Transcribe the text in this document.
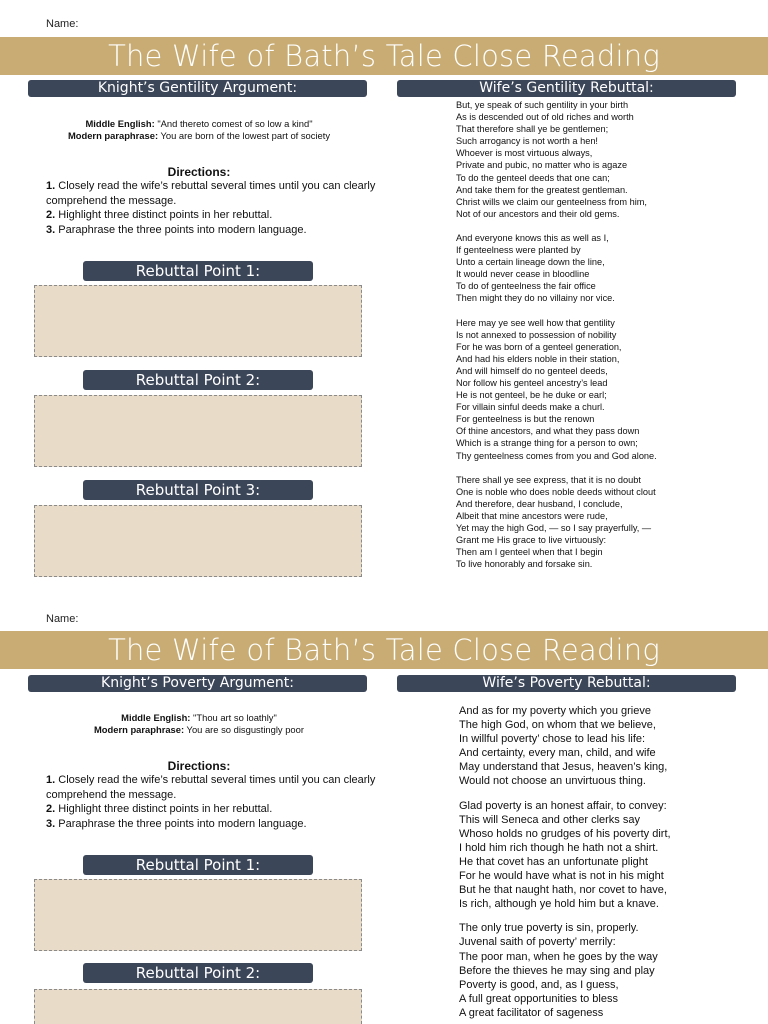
Name:
The Wife of Bath’s Tale Close Reading
Knight’s Gentility Argument:	Wife’s Gentility Rebuttal:
Middle English: "And thereto comest of so low a kind"
Modern paraphrase: You are born of the lowest part of society
Directions:
1. Closely read the wife’s rebuttal several times until you can clearly comprehend the message.
2. Highlight three distinct points in her rebuttal.
3. Paraphrase the three points into modern language.
Rebuttal Point 1:
Rebuttal Point 2:
Rebuttal Point 3:
But, ye speak of such gentility in your birth
As is descended out of old riches and worth
That therefore shall ye be gentlemen;
Such arrogancy is not worth a hen!
Whoever is most virtuous always,
Private and pubic, no matter who is agaze
To do the genteel deeds that one can;
And take them for the greatest gentleman.
Christ wills we claim our genteelness from him,
Not of our ancestors and their old gems.
And everyone knows this as well as I,
If genteelness were planted by
Unto a certain lineage down the line,
It would never cease in bloodline
To do of genteelness the fair office
Then might they do no villainy nor vice.
Here may ye see well how that gentility
Is not annexed to possession of nobility
For he was born of a genteel generation,
And had his elders noble in their station,
And will himself do no genteel deeds,
Nor follow his genteel ancestry’s lead
He is not genteel, be he duke or earl;
For villain sinful deeds make a churl.
For genteelness is but the renown
Of thine ancestors, and what they pass down
Which is a strange thing for a person to own;
Thy genteelness comes from you and God alone.
There shall ye see express, that it is no doubt
One is noble who does noble deeds without clout
And therefore, dear husband, I conclude,
Albeit that mine ancestors were rude,
Yet may the high God, — so I say prayerfully, —
Grant me His grace to live virtuously:
Then am I genteel when that I begin
To live honorably and forsake sin.
Name:
The Wife of Bath’s Tale Close Reading
Knight’s Poverty Argument:	Wife’s Poverty Rebuttal:
Middle English: "Thou art so loathly"
Modern paraphrase: You are so disgustingly poor
Directions:
1. Closely read the wife’s rebuttal several times until you can clearly comprehend the message.
2. Highlight three distinct points in her rebuttal.
3. Paraphrase the three points into modern language.
Rebuttal Point 1:
Rebuttal Point 2:
And as for my poverty which you grieve
The high God, on whom that we believe,
In willful poverty’ chose to lead his life:
And certainty, every man, child, and wife
May understand that Jesus, heaven’s king,
Would not choose an unvirtuous thing.
Glad poverty is an honest affair, to convey:
This will Seneca and other clerks say
Whoso holds no grudges of his poverty dirt,
I hold him rich though he hath not a shirt.
He that covet has an unfortunate plight
For he would have what is not in his might
But he that naught hath, nor covet to have,
Is rich, although ye hold him but a knave.
The only true poverty is sin, properly.
Juvenal saith of poverty’ merrily:
The poor man, when he goes by the way
Before the thieves he may sing and play
Poverty is good, and, as I guess,
A full great opportunities to bless
A great facilitator of sageness
